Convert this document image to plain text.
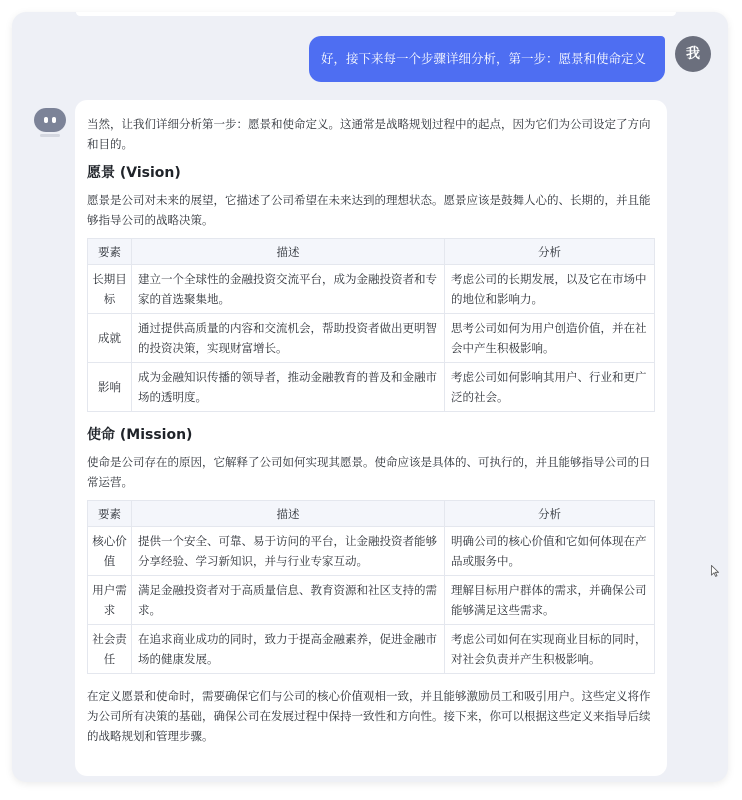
好，接下来每一个步骤详细分析，第一步：愿景和使命定义	我
当然，让我们详细分析第一步：愿景和使命定义。这通常是战略规划过程中的起点，因为它们为公司设定了方向和目的。
愿景 (Vision)
愿景是公司对未来的展望，它描述了公司希望在未来达到的理想状态。愿景应该是鼓舞人心的、长期的，并且能够指导公司的战略决策。
要素	描述	分析
长期目标	建立一个全球性的金融投资交流平台，成为金融投资者和专家的首选聚集地。	考虑公司的长期发展，以及它在市场中的地位和影响力。
成就	通过提供高质量的内容和交流机会，帮助投资者做出更明智的投资决策，实现财富增长。	思考公司如何为用户创造价值，并在社会中产生积极影响。
影响	成为金融知识传播的领导者，推动金融教育的普及和金融市场的透明度。	考虑公司如何影响其用户、行业和更广泛的社会。
使命 (Mission)
使命是公司存在的原因，它解释了公司如何实现其愿景。使命应该是具体的、可执行的，并且能够指导公司的日常运营。
要素	描述	分析
核心价值	提供一个安全、可靠、易于访问的平台，让金融投资者能够分享经验、学习新知识，并与行业专家互动。	明确公司的核心价值和它如何体现在产品或服务中。
用户需求	满足金融投资者对于高质量信息、教育资源和社区支持的需求。	理解目标用户群体的需求，并确保公司能够满足这些需求。
社会责任	在追求商业成功的同时，致力于提高金融素养，促进金融市场的健康发展。	考虑公司如何在实现商业目标的同时，对社会负责并产生积极影响。
在定义愿景和使命时，需要确保它们与公司的核心价值观相一致，并且能够激励员工和吸引用户。这些定义将作为公司所有决策的基础，确保公司在发展过程中保持一致性和方向性。接下来，你可以根据这些定义来指导后续的战略规划和管理步骤。
